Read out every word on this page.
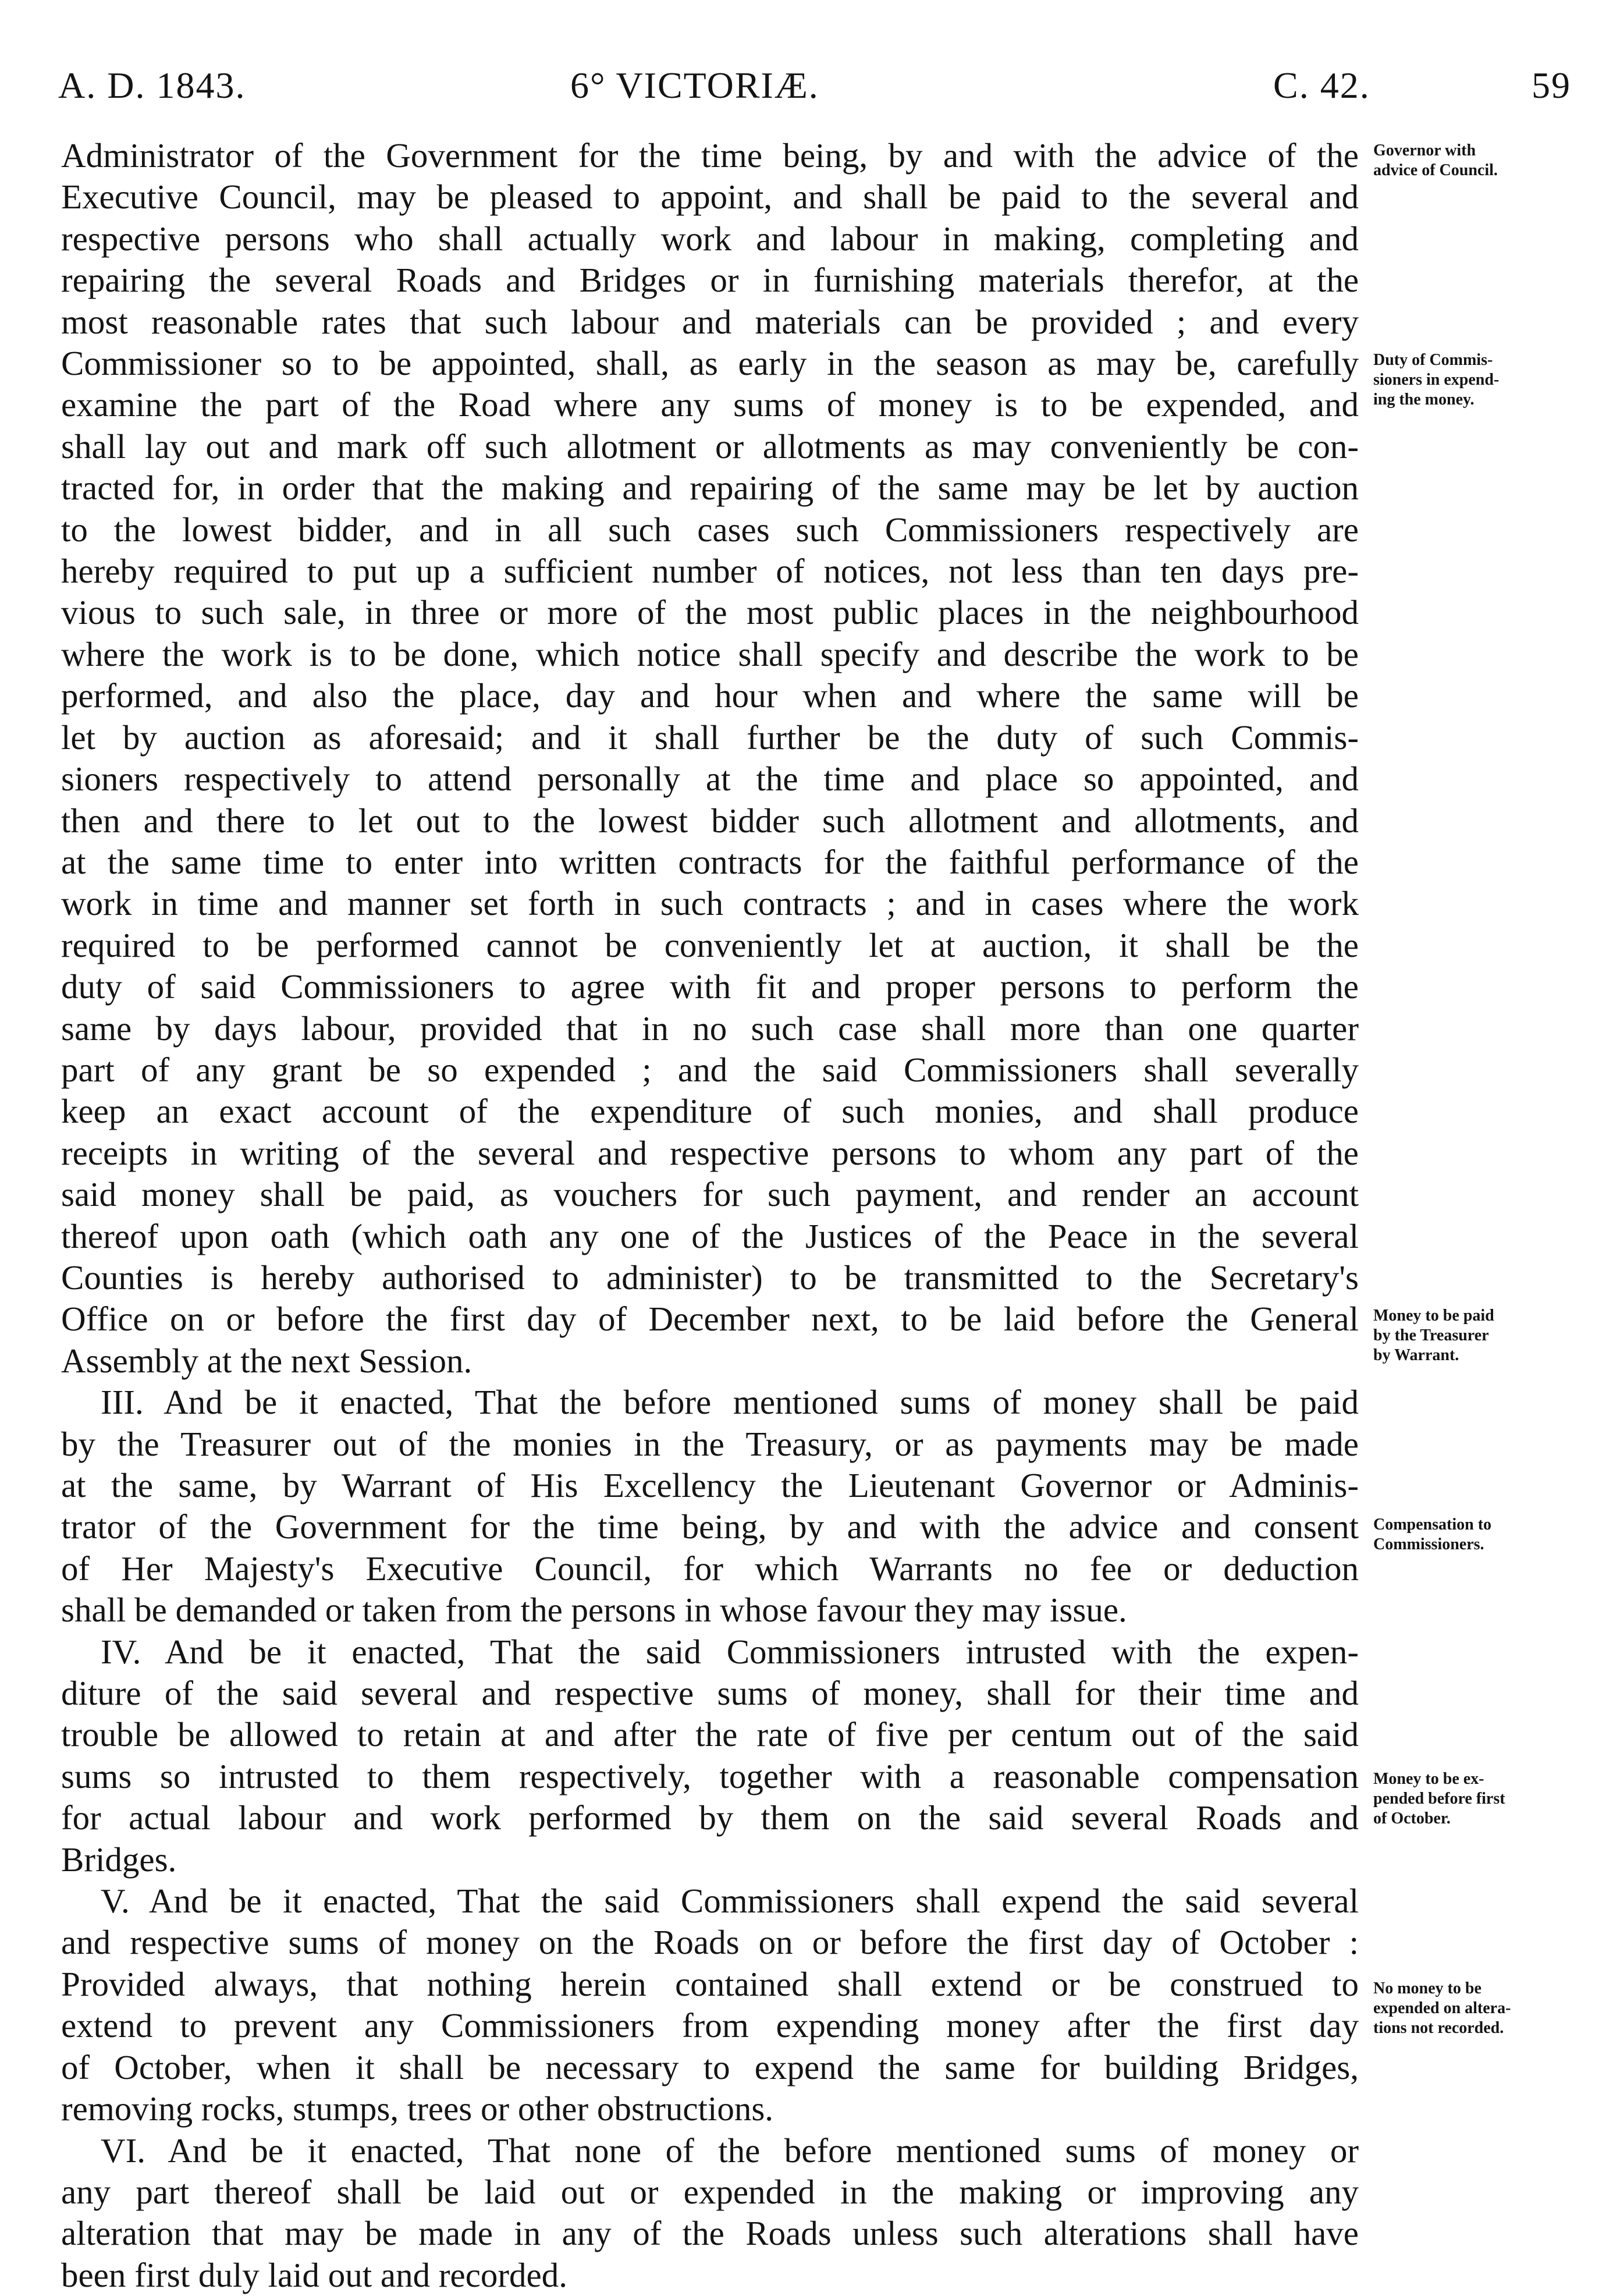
A. D. 1843.	6° VICTORIÆ.	C. 42.	59
Administrator of the Government for the time being, by and with the advice of the
Executive Council, may be pleased to appoint, and shall be paid to the several and
respective persons who shall actually work and labour in making, completing and
repairing the several Roads and Bridges or in furnishing materials therefor, at the
most reasonable rates that such labour and materials can be provided ; and every
Commissioner so to be appointed, shall, as early in the season as may be, carefully
examine the part of the Road where any sums of money is to be expended, and
shall lay out and mark off such allotment or allotments as may conveniently be con-
tracted for, in order that the making and repairing of the same may be let by auction
to the lowest bidder, and in all such cases such Commissioners respectively are
hereby required to put up a sufficient number of notices, not less than ten days pre-
vious to such sale, in three or more of the most public places in the neighbourhood
where the work is to be done, which notice shall specify and describe the work to be
performed, and also the place, day and hour when and where the same will be
let by auction as aforesaid; and it shall further be the duty of such Commis-
sioners respectively to attend personally at the time and place so appointed, and
then and there to let out to the lowest bidder such allotment and allotments, and
at the same time to enter into written contracts for the faithful performance of the
work in time and manner set forth in such contracts ; and in cases where the work
required to be performed cannot be conveniently let at auction, it shall be the
duty of said Commissioners to agree with fit and proper persons to perform the
same by days labour, provided that in no such case shall more than one quarter
part of any grant be so expended ; and the said Commissioners shall severally
keep an exact account of the expenditure of such monies, and shall produce
receipts in writing of the several and respective persons to whom any part of the
said money shall be paid, as vouchers for such payment, and render an account
thereof upon oath (which oath any one of the Justices of the Peace in the several
Counties is hereby authorised to administer) to be transmitted to the Secretary's
Office on or before the first day of December next, to be laid before the General
Assembly at the next Session.
III. And be it enacted, That the before mentioned sums of money shall be paid
by the Treasurer out of the monies in the Treasury, or as payments may be made
at the same, by Warrant of His Excellency the Lieutenant Governor or Adminis-
trator of the Government for the time being, by and with the advice and consent
of Her Majesty's Executive Council, for which Warrants no fee or deduction
shall be demanded or taken from the persons in whose favour they may issue.
IV. And be it enacted, That the said Commissioners intrusted with the expen-
diture of the said several and respective sums of money, shall for their time and
trouble be allowed to retain at and after the rate of five per centum out of the said
sums so intrusted to them respectively, together with a reasonable compensation
for actual labour and work performed by them on the said several Roads and
Bridges.
V. And be it enacted, That the said Commissioners shall expend the said several
and respective sums of money on the Roads on or before the first day of October :
Provided always, that nothing herein contained shall extend or be construed to
extend to prevent any Commissioners from expending money after the first day
of October, when it shall be necessary to expend the same for building Bridges,
removing rocks, stumps, trees or other obstructions.
VI. And be it enacted, That none of the before mentioned sums of money or
any part thereof shall be laid out or expended in the making or improving any
alteration that may be made in any of the Roads unless such alterations shall have
been first duly laid out and recorded.
Governor with
advice of Council.
Duty of Commis-
sioners in expend-
ing the money.
Money to be paid
by the Treasurer
by Warrant.
Compensation to
Commissioners.
Money to be ex-
pended before first
of October.
No money to be
expended on altera-
tions not recorded.
